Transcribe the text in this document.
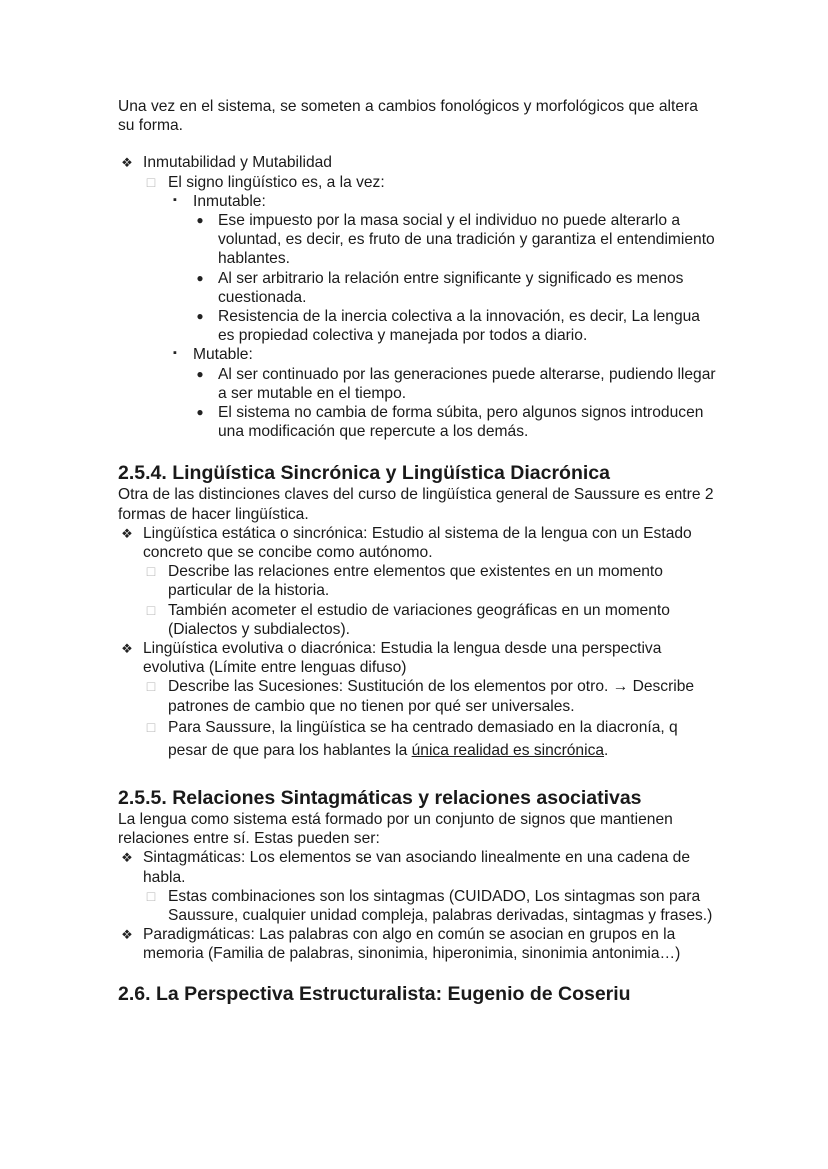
Una vez en el sistema, se someten a cambios fonológicos y morfológicos que altera su forma.

❖ Inmutabilidad y Mutabilidad
□ El signo lingüístico es, a la vez:
▪ Inmutable:
● Ese impuesto por la masa social y el individuo no puede alterarlo a voluntad, es decir, es fruto de una tradición y garantiza el entendimiento hablantes.
● Al ser arbitrario la relación entre significante y significado es menos cuestionada.
● Resistencia de la inercia colectiva a la innovación, es decir, La lengua es propiedad colectiva y manejada por todos a diario.
▪ Mutable:
● Al ser continuado por las generaciones puede alterarse, pudiendo llegar a ser mutable en el tiempo.
● El sistema no cambia de forma súbita, pero algunos signos introducen una modificación que repercute a los demás.
2.5.4. Lingüística Sincrónica y Lingüística Diacrónica

Otra de las distinciones claves del curso de lingüística general de Saussure es entre 2 formas de hacer lingüística.

❖ Lingüística estática o sincrónica: Estudio al sistema de la lengua con un Estado concreto que se concibe como autónomo.
□ Describe las relaciones entre elementos que existentes en un momento particular de la historia.
□ También acometer el estudio de variaciones geográficas en un momento (Dialectos y subdialectos).
❖ Lingüística evolutiva o diacrónica: Estudia la lengua desde una perspectiva evolutiva (Límite entre lenguas difuso)
□ Describe las Sucesiones: Sustitución de los elementos por otro. → Describe patrones de cambio que no tienen por qué ser universales.
□ Para Saussure, la lingüística se ha centrado demasiado en la diacronía, q pesar de que para los hablantes la única realidad es sincrónica.
2.5.5. Relaciones Sintagmáticas y relaciones asociativas

La lengua como sistema está formado por un conjunto de signos que mantienen relaciones entre sí. Estas pueden ser:

❖ Sintagmáticas: Los elementos se van asociando linealmente en una cadena de habla.
□ Estas combinaciones son los sintagmas (CUIDADO, Los sintagmas son para Saussure, cualquier unidad compleja, palabras derivadas, sintagmas y frases.)
❖ Paradigmáticas: Las palabras con algo en común se asocian en grupos en la memoria (Familia de palabras, sinonimia, hiperonimia, sinonimia antonimia…)
2.6. La Perspectiva Estructuralista: Eugenio de Coseriu
